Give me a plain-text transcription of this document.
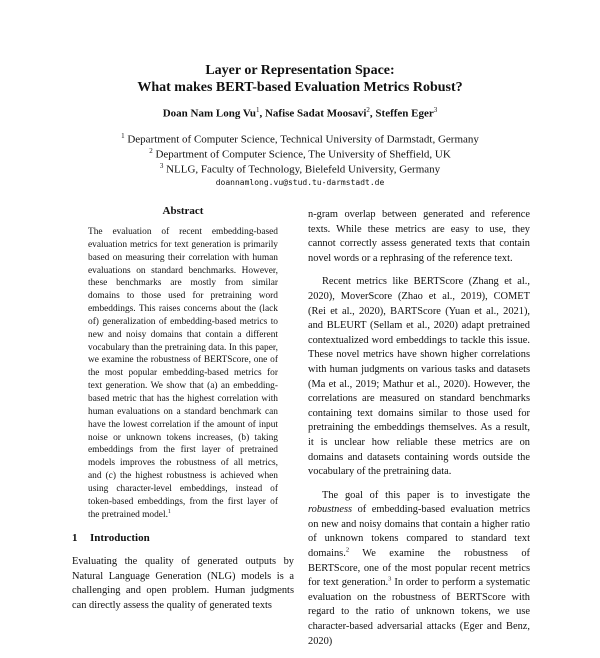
Layer or Representation Space:
What makes BERT-based Evaluation Metrics Robust?
Doan Nam Long Vu$^1$, Nafise Sadat Moosavi$^2$, Steffen Eger$^3$
$^1$ Department of Computer Science, Technical University of Darmstadt, Germany
$^2$ Department of Computer Science, The University of Sheffield, UK
$^3$ NLLG, Faculty of Technology, Bielefeld University, Germany
doannamlong.vu@stud.tu-darmstadt.de
Abstract
The evaluation of recent embedding-based evaluation metrics for text generation is primarily based on measuring their correlation with human evaluations on standard benchmarks. However, these benchmarks are mostly from similar domains to those used for pretraining word embeddings. This raises concerns about the (lack of) generalization of embedding-based metrics to new and noisy domains that contain a different vocabulary than the pretraining data. In this paper, we examine the robustness of BERTScore, one of the most popular embedding-based metrics for text generation. We show that (a) an embedding-based metric that has the highest correlation with human evaluations on a standard benchmark can have the lowest correlation if the amount of input noise or unknown tokens increases, (b) taking embeddings from the first layer of pretrained models improves the robustness of all metrics, and (c) the highest robustness is achieved when using character-level embeddings, instead of token-based embeddings, from the first layer of the pretrained model.$^1$
1 Introduction
Evaluating the quality of generated outputs by Natural Language Generation (NLG) models is a challenging and open problem. Human judgments can directly assess the quality of generated texts

n-gram overlap between generated and reference texts. While these metrics are easy to use, they cannot correctly assess generated texts that contain novel words or a rephrasing of the reference text.

Recent metrics like BERTScore (Zhang et al., 2020), MoverScore (Zhao et al., 2019), COMET (Rei et al., 2020), BARTScore (Yuan et al., 2021), and BLEURT (Sellam et al., 2020) adapt pretrained contextualized word embeddings to tackle this issue. These novel metrics have shown higher correlations with human judgments on various tasks and datasets (Ma et al., 2019; Mathur et al., 2020). However, the correlations are measured on standard benchmarks containing text domains similar to those used for pretraining the embeddings themselves. As a result, it is unclear how reliable these metrics are on domains and datasets containing words outside the vocabulary of the pretraining data.

The goal of this paper is to investigate the robustness of embedding-based evaluation metrics on new and noisy domains that contain a higher ratio of unknown tokens compared to standard text domains.$^2$ We examine the robustness of BERTScore, one of the most popular recent metrics for text generation.$^3$ In order to perform a systematic evaluation on the robustness of BERTScore with regard to the ratio of unknown tokens, we use character-based adversarial attacks (Eger and Benz, 2020)
